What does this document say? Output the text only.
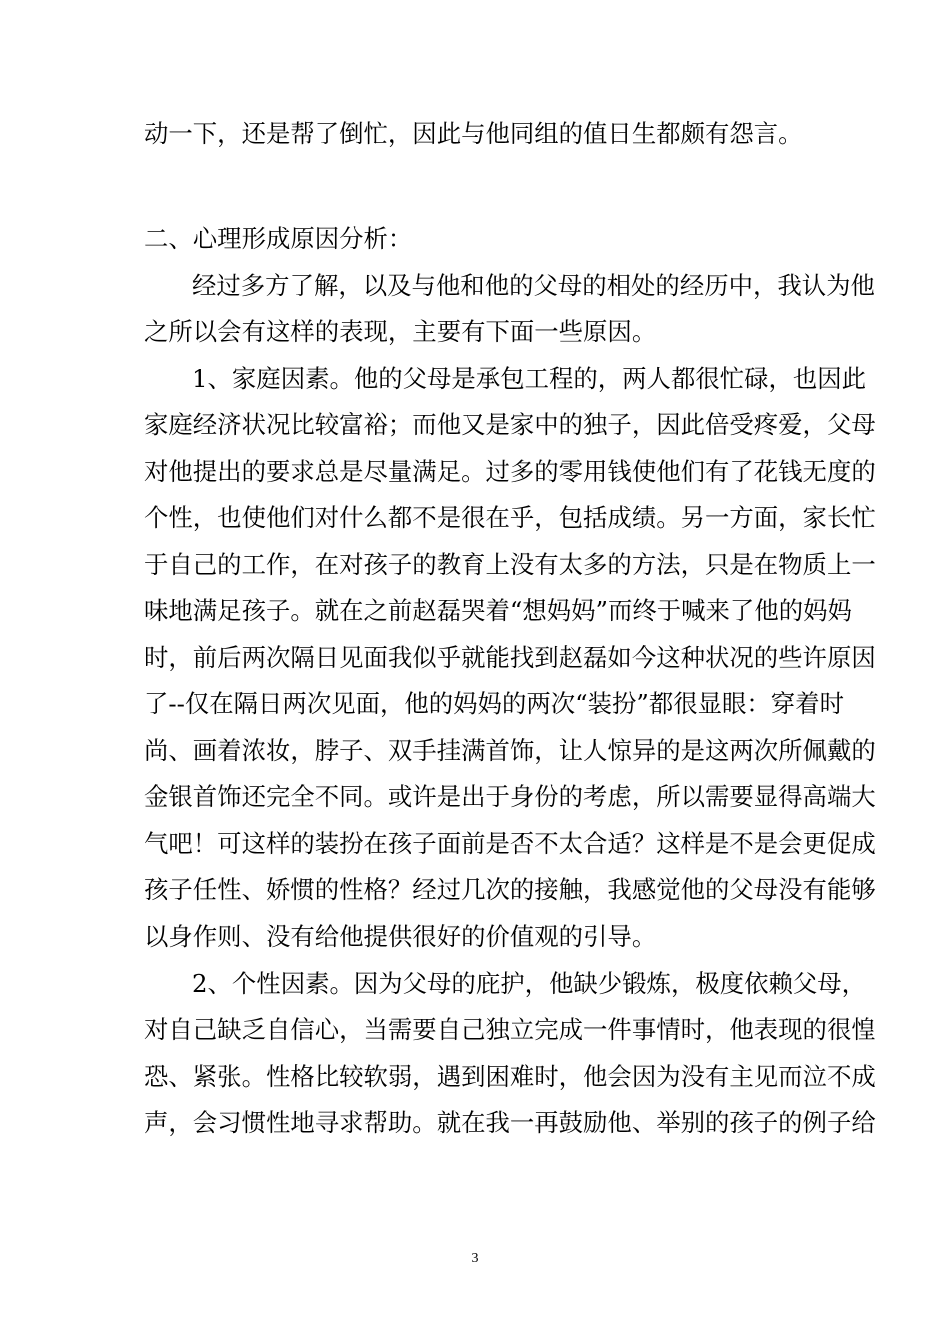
动一下，还是帮了倒忙，因此与他同组的值日生都颇有怨言。
二、心理形成原因分析：
经过多方了解，以及与他和他的父母的相处的经历中，我认为他
之所以会有这样的表现，主要有下面一些原因。
1、家庭因素。他的父母是承包工程的，两人都很忙碌，也因此
家庭经济状况比较富裕；而他又是家中的独子，因此倍受疼爱，父母
对他提出的要求总是尽量满足。过多的零用钱使他们有了花钱无度的
个性，也使他们对什么都不是很在乎，包括成绩。另一方面，家长忙
于自己的工作，在对孩子的教育上没有太多的方法，只是在物质上一
味地满足孩子。就在之前赵磊哭着“想妈妈”而终于喊来了他的妈妈
时，前后两次隔日见面我似乎就能找到赵磊如今这种状况的些许原因
了--仅在隔日两次见面，他的妈妈的两次“装扮”都很显眼：穿着时
尚、画着浓妆，脖子、双手挂满首饰，让人惊异的是这两次所佩戴的
金银首饰还完全不同。或许是出于身份的考虑，所以需要显得高端大
气吧！可这样的装扮在孩子面前是否不太合适？这样是不是会更促成
孩子任性、娇惯的性格？经过几次的接触，我感觉他的父母没有能够
以身作则、没有给他提供很好的价值观的引导。
2、个性因素。因为父母的庇护，他缺少锻炼，极度依赖父母，
对自己缺乏自信心，当需要自己独立完成一件事情时，他表现的很惶
恐、紧张。性格比较软弱，遇到困难时，他会因为没有主见而泣不成
声，会习惯性地寻求帮助。就在我一再鼓励他、举别的孩子的例子给
3
